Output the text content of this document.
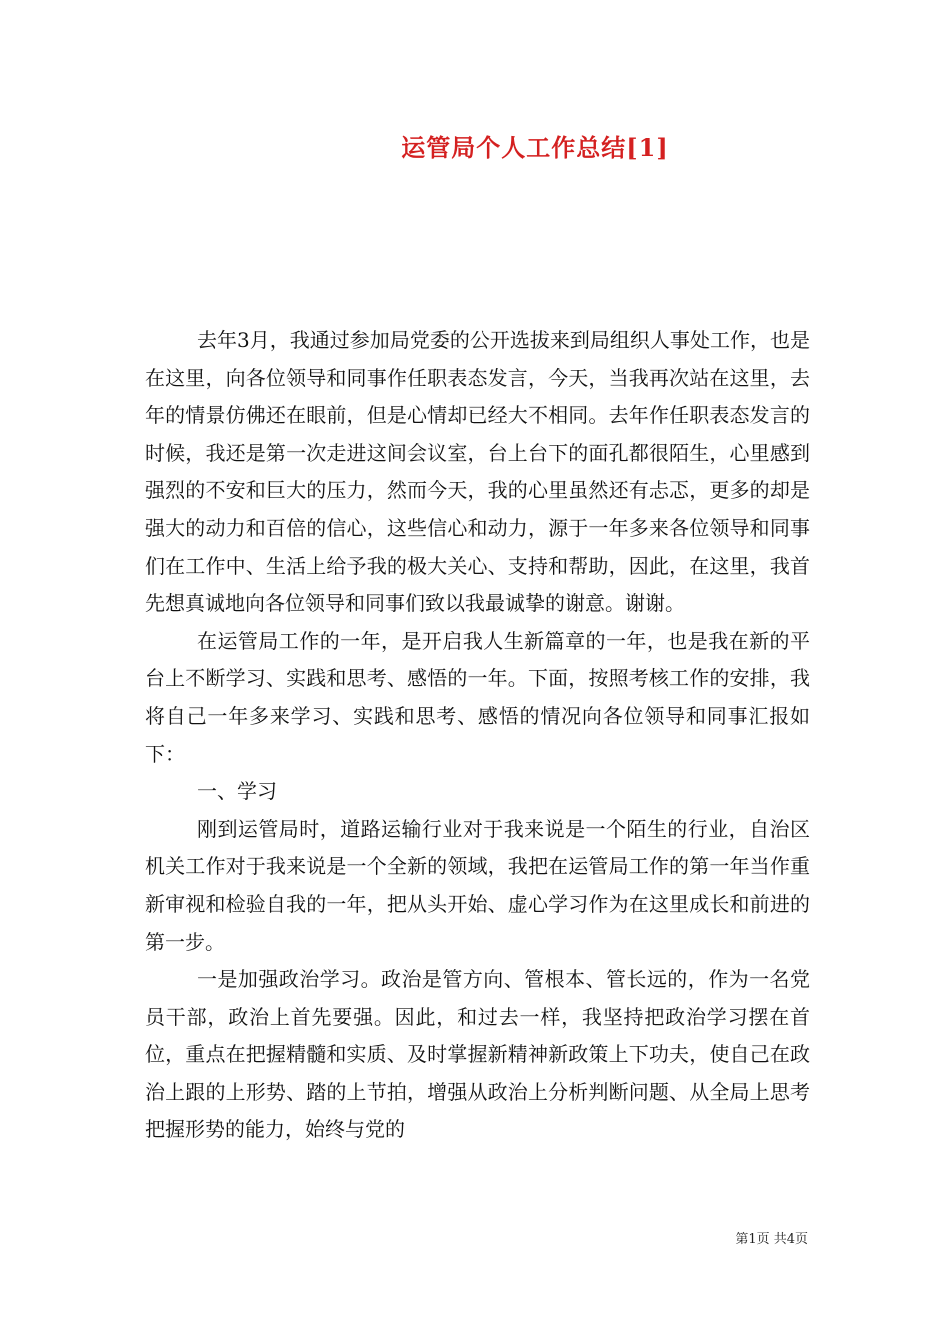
运管局个人工作总结[1]

去年3月，我通过参加局党委的公开选拔来到局组织人事处工作，也是在这里，向各位领导和同事作任职表态发言，今天，当我再次站在这里，去年的情景仿佛还在眼前，但是心情却已经大不相同。去年作任职表态发言的时候，我还是第一次走进这间会议室，台上台下的面孔都很陌生，心里感到强烈的不安和巨大的压力，然而今天，我的心里虽然还有忐忑，更多的却是强大的动力和百倍的信心，这些信心和动力，源于一年多来各位领导和同事们在工作中、生活上给予我的极大关心、支持和帮助，因此，在这里，我首先想真诚地向各位领导和同事们致以我最诚挚的谢意。谢谢。

在运管局工作的一年，是开启我人生新篇章的一年，也是我在新的平台上不断学习、实践和思考、感悟的一年。下面，按照考核工作的安排，我将自己一年多来学习、实践和思考、感悟的情况向各位领导和同事汇报如下：

一、学习

刚到运管局时，道路运输行业对于我来说是一个陌生的行业，自治区机关工作对于我来说是一个全新的领域，我把在运管局工作的第一年当作重新审视和检验自我的一年，把从头开始、虚心学习作为在这里成长和前进的第一步。

一是加强政治学习。政治是管方向、管根本、管长远的，作为一名党员干部，政治上首先要强。因此，和过去一样，我坚持把政治学习摆在首位，重点在把握精髓和实质、及时掌握新精神新政策上下功夫，使自己在政治上跟的上形势、踏的上节拍，增强从政治上分析判断问题、从全局上思考把握形势的能力，始终与党的

第1页 共4页
